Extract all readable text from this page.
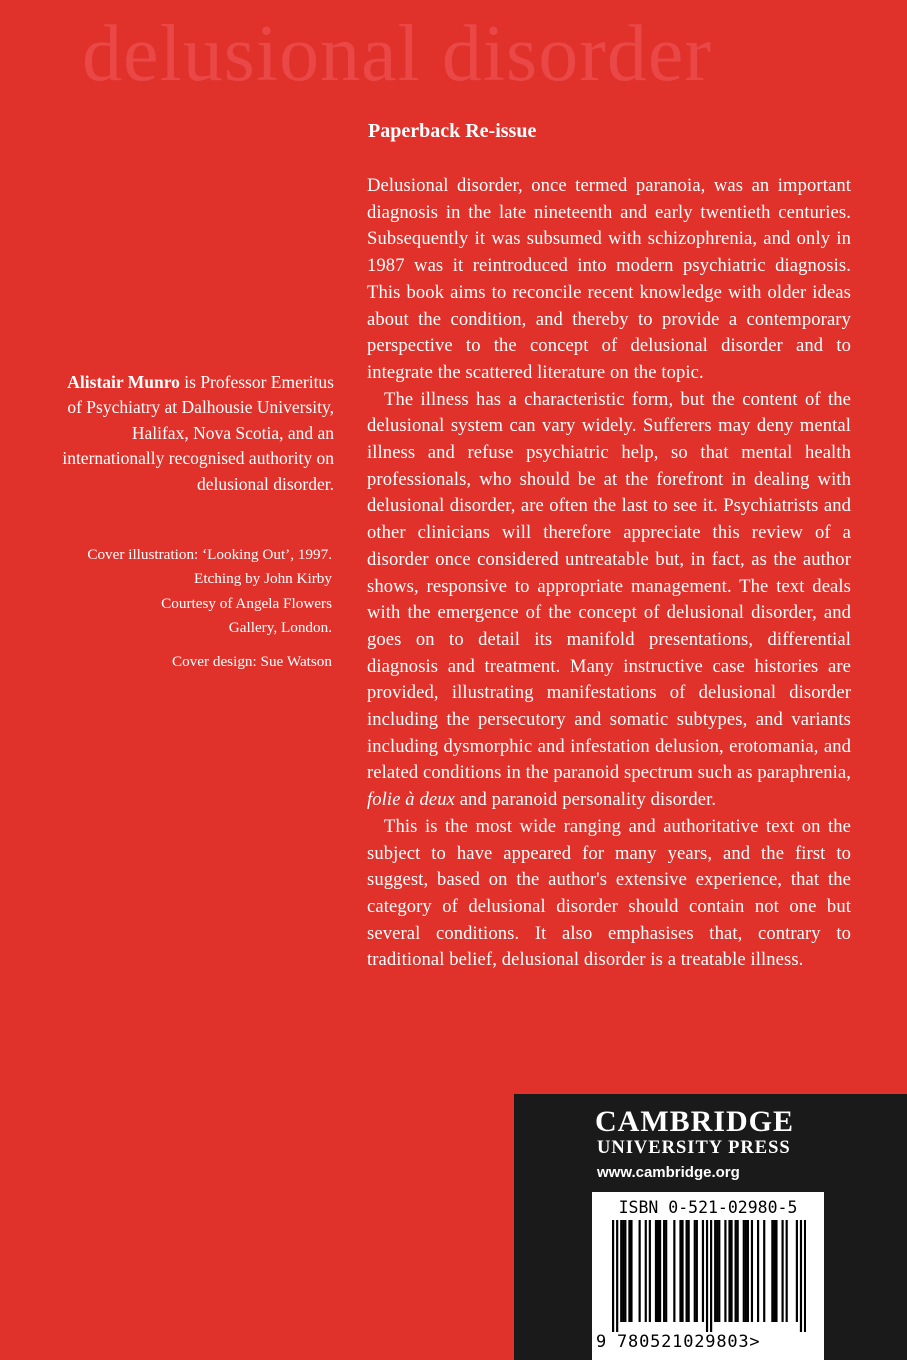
delusional disorder
Paperback Re-issue

Delusional disorder, once termed paranoia, was an important diagnosis in the late nineteenth and early twentieth centuries. Subsequently it was subsumed with schizophrenia, and only in 1987 was it reintroduced into modern psychiatric diagnosis. This book aims to reconcile recent knowledge with older ideas about the condition, and thereby to provide a contemporary perspective to the concept of delusional disorder and to integrate the scattered literature on the topic.

The illness has a characteristic form, but the content of the delusional system can vary widely. Sufferers may deny mental illness and refuse psychiatric help, so that mental health professionals, who should be at the forefront in dealing with delusional disorder, are often the last to see it. Psychiatrists and other clinicians will therefore appreciate this review of a disorder once considered untreatable but, in fact, as the author shows, responsive to appropriate management. The text deals with the emergence of the concept of delusional disorder, and goes on to detail its manifold presentations, differential diagnosis and treatment. Many instructive case histories are provided, illustrating manifestations of delusional disorder including the persecutory and somatic subtypes, and variants including dysmorphic and infestation delusion, erotomania, and related conditions in the paranoid spectrum such as paraphrenia, folie à deux and paranoid personality disorder.

This is the most wide ranging and authoritative text on the subject to have appeared for many years, and the first to suggest, based on the author's extensive experience, that the category of delusional disorder should contain not one but several conditions. It also emphasises that, contrary to traditional belief, delusional disorder is a treatable illness.

Alistair Munro is Professor Emeritus of Psychiatry at Dalhousie University, Halifax, Nova Scotia, and an internationally recognised authority on delusional disorder.

Cover illustration: ‘Looking Out’, 1997.

Etching by John Kirby

Courtesy of Angela Flowers

Gallery, London.

Cover design: Sue Watson

CAMBRIDGE
UNIVERSITY PRESS
www.cambridge.org
ISBN 0-521-02980-5
9 780521029803>
